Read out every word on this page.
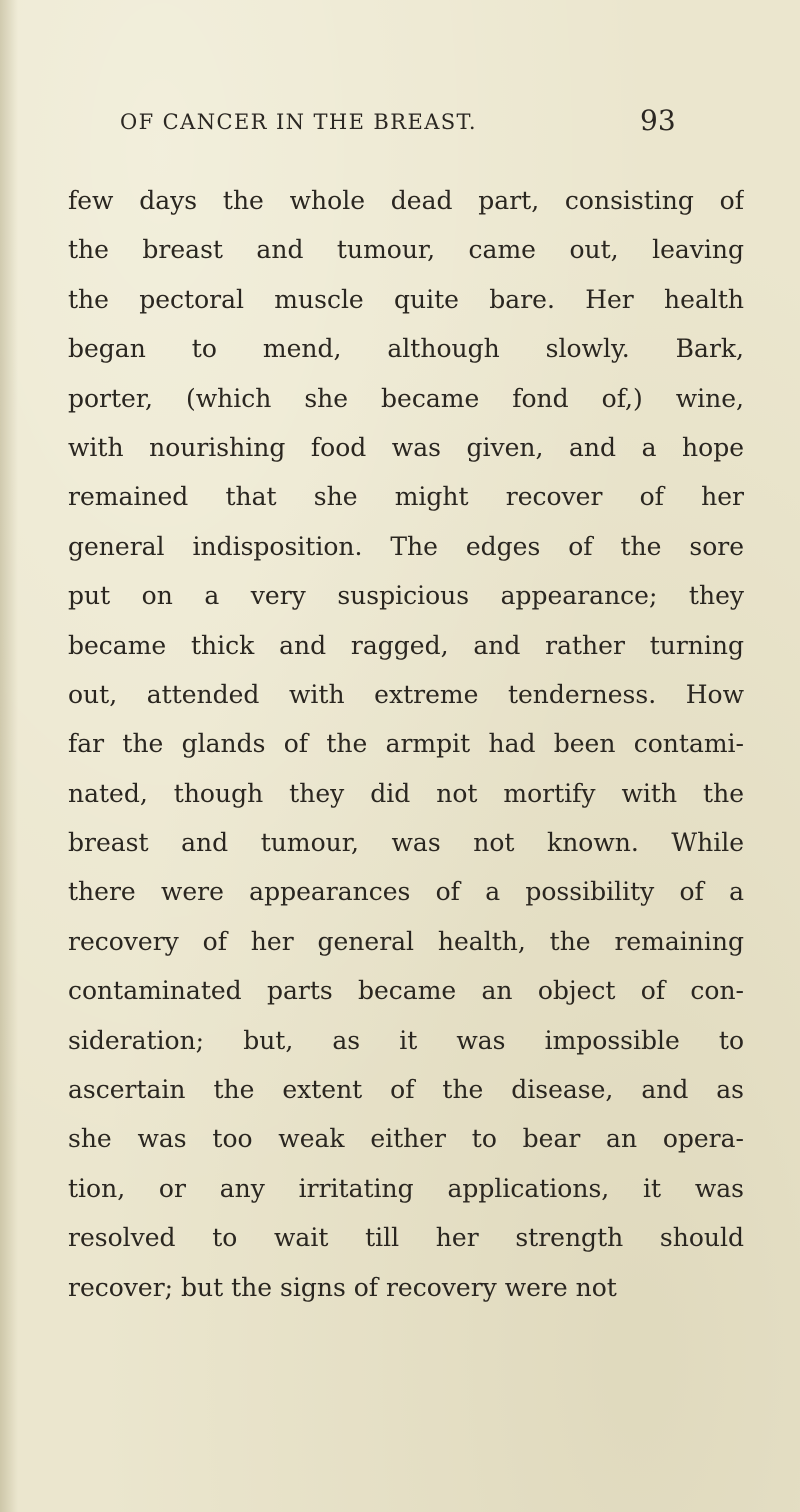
OF CANCER IN THE BREAST.	93
few days the whole dead part, consisting of
the breast and tumour, came out, leaving
the pectoral muscle quite bare. Her health
began to mend, although slowly. Bark,
porter, (which she became fond of,) wine,
with nourishing food was given, and a hope
remained that she might recover of her
general indisposition. The edges of the sore
put on a very suspicious appearance; they
became thick and ragged, and rather turning
out, attended with extreme tenderness. How
far the glands of the armpit had been contami-
nated, though they did not mortify with the
breast and tumour, was not known. While
there were appearances of a possibility of a
recovery of her general health, the remaining
contaminated parts became an object of con-
sideration; but, as it was impossible to
ascertain the extent of the disease, and as
she was too weak either to bear an opera-
tion, or any irritating applications, it was
resolved to wait till her strength should
recover; but the signs of recovery were not
